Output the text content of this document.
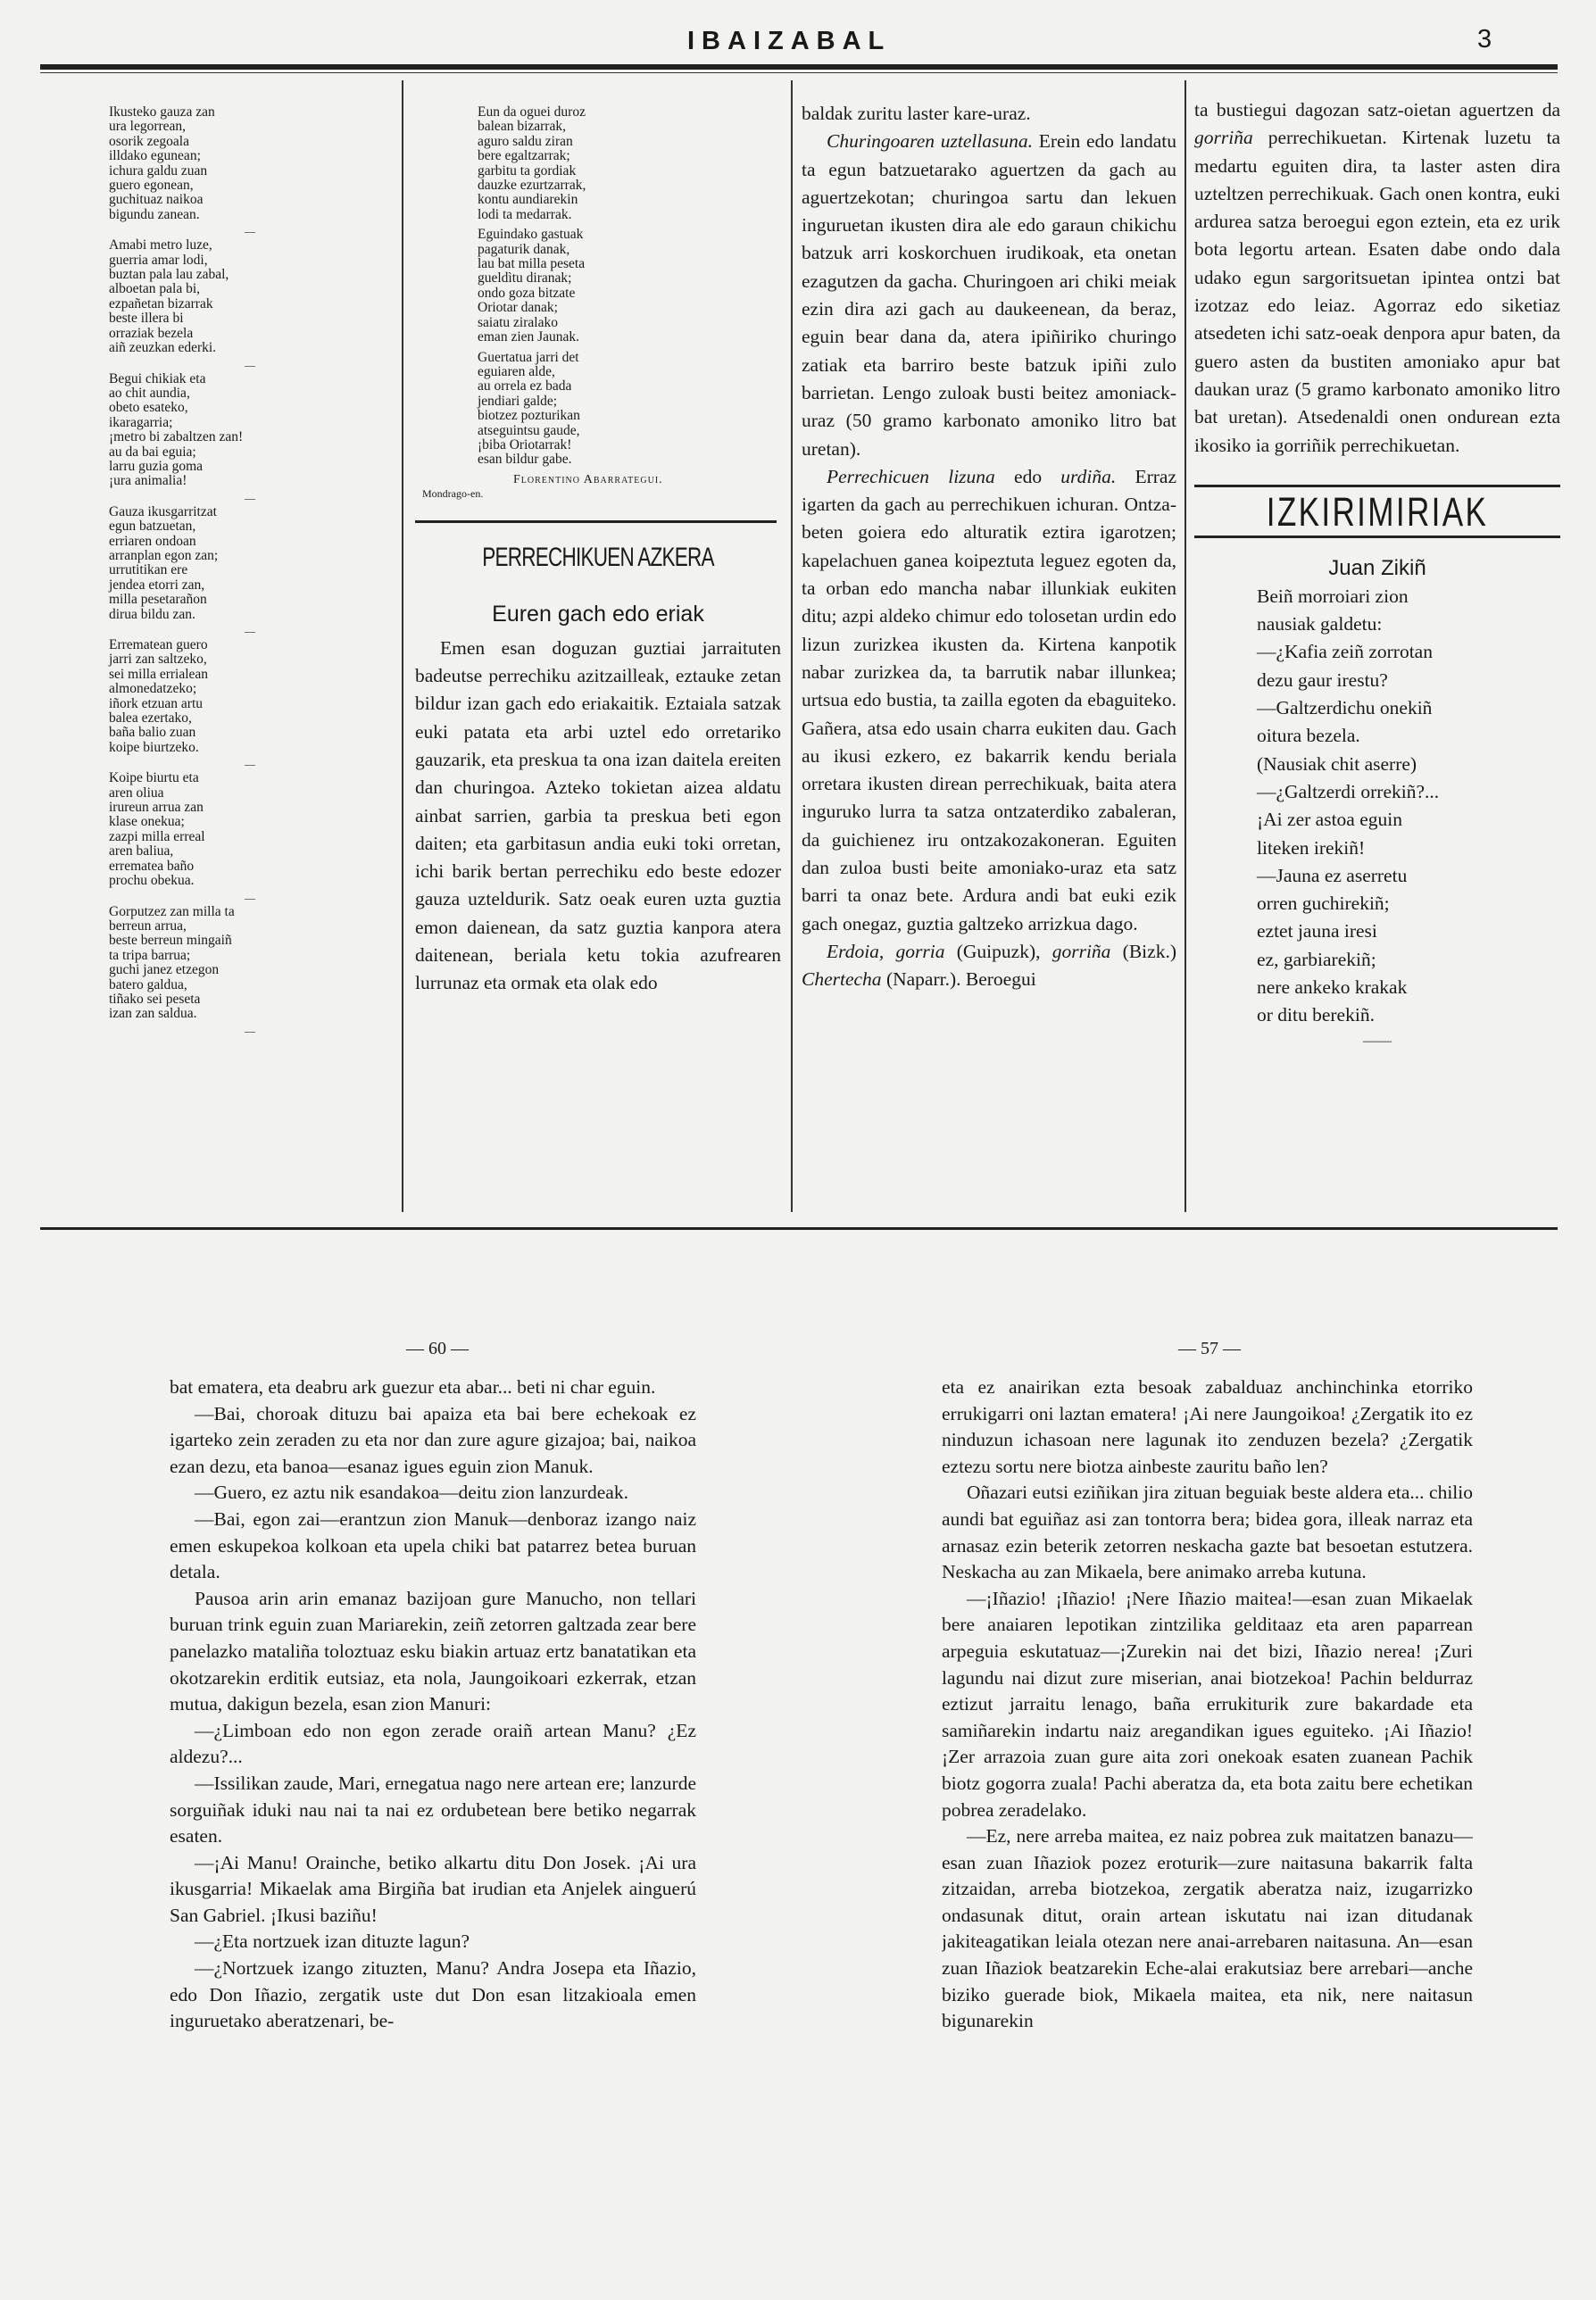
IBAIZABAL	3
Ikusteko gauza zan
ura legorrean,
osorik zegoala
illdako egunean;
ichura galdu zuan
guero egonean,
guchituaz naikoa
bigundu zanean.
—
Amabi metro luze,
guerria amar lodi,
buztan pala lau zabal,
alboetan pala bi,
ezpañetan bizarrak
beste illera bi
orraziak bezela
aiñ zeuzkan ederki.
—
Begui chikiak eta
ao chit aundia,
obeto esateko,
ikaragarria;
¡metro bi zabaltzen zan!
au da bai eguia;
larru guzia goma
¡ura animalia!
—
Gauza ikusgarritzat
egun batzuetan,
erriaren ondoan
arranplan egon zan;
urrutitikan ere
jendea etorri zan,
milla pesetarañon
dirua bildu zan.
—
Errematean guero
jarri zan saltzeko,
sei milla errialean
almonedatzeko;
iñork etzuan artu
balea ezertako,
baña balio zuan
koipe biurtzeko.
—
Koipe biurtu eta
aren oliua
irureun arrua zan
klase onekua;
zazpi milla erreal
aren baliua,
errematea baño
prochu obekua.
—
Gorputzez zan milla ta
berreun arrua,
beste berreun mingaiñ
ta tripa barrua;
guchi janez etzegon
batero galdua,
tiñako sei peseta
izan zan saldua.
—
Eun da oguei duroz
balean bizarrak,
aguro saldu ziran
bere egaltzarrak;
garbitu ta gordiak
dauzke ezurtzarrak,
kontu aundiarekin
lodi ta medarrak.
Eguindako gastuak
pagaturik danak,
lau bat milla peseta
gueldìtu diranak;
ondo goza bitzate
Oriotar danak;
saiatu ziralako
eman zien Jaunak.
Guertatua jarri det
eguiaren alde,
au orrela ez bada
jendiari galde;
biotzez pozturikan
atseguintsu gaude,
¡biba Oriotarrak!
esan bildur gabe.
Florentino Abarrategui.
Mondrago-en.
PERRECHIKUEN AZKERA
Euren gach edo eriak

Emen esan doguzan guztiai jarraituten badeutse perrechiku azitzailleak, eztauke zetan bildur izan gach edo eriakaitik. Eztaiala satzak euki patata eta arbi uztel edo orretariko gauzarik, eta preskua ta ona izan daitela ereiten dan churingoa. Azteko tokietan aizea aldatu ainbat sarrien, garbia ta preskua beti egon daiten; eta garbitasun andia euki toki orretan, ichi barik bertan perrechiku edo beste edozer gauza uzteldurik. Satz oeak euren uzta guztia emon daienean, da satz guztia kanpora atera daitenean, beriala ketu tokia azufrearen lurrunaz eta ormak eta olak edo

baldak zuritu laster kare-uraz.

Churingoaren uztellasuna. Erein edo landatu ta egun batzuetarako aguertzen da gach au aguertzekotan; churingoa sartu dan lekuen inguruetan ikusten dira ale edo garaun chikichu batzuk arri koskorchuen irudikoak, eta onetan ezagutzen da gacha. Churingoen ari chiki meiak ezin dira azi gach au daukeenean, da beraz, eguin bear dana da, atera ipiñiriko churingo zatiak eta barriro beste batzuk ipiñi zulo barrietan. Lengo zuloak busti beitez amoniack-uraz (50 gramo karbonato amoniko litro bat uretan).

Perrechicuen lizuna edo urdiña. Erraz igarten da gach au perrechikuen ichuran. Ontza-beten goiera edo alturatik eztira igarotzen; kapelachuen ganea koipeztuta leguez egoten da, ta orban edo mancha nabar illunkiak eukiten ditu; azpi aldeko chimur edo tolosetan urdin edo lizun zurizkea ikusten da. Kirtena kanpotik nabar zurizkea da, ta barrutik nabar illunkea; urtsua edo bustia, ta zailla egoten da ebaguiteko. Gañera, atsa edo usain charra eukiten dau. Gach au ikusi ezkero, ez bakarrik kendu beriala orretara ikusten direan perrechikuak, baita atera inguruko lurra ta satza ontzaterdiko zabaleran, da guichienez iru ontzakozakoneran. Eguiten dan zuloa busti beite amoniako-uraz eta satz barri ta onaz bete. Ardura andi bat euki ezik gach onegaz, guztia galtzeko arrizkua dago.

Erdoia, gorria (Guipuzk), gorriña (Bizk.) Chertecha (Naparr.). Beroegui

ta bustiegui dagozan satz-oietan aguertzen da gorriña perrechikuetan. Kirtenak luzetu ta medartu eguiten dira, ta laster asten dira uzteltzen perrechikuak. Gach onen kontra, euki ardurea satza beroegui egon eztein, eta ez urik bota legortu artean. Esaten dabe ondo dala udako egun sargoritsuetan ipintea ontzi bat izotzaz edo leiaz. Agorraz edo siketiaz atsedeten ichi satz-oeak denpora apur baten, da guero asten da bustiten amoniako apur bat daukan uraz (5 gramo karbonato amoniko litro bat uretan). Atsedenaldi onen ondurean ezta ikosiko ia gorriñik perrechikuetan.

IZKIRIMIRIAK
Juan Zikiñ
Beiñ morroiari zion
nausiak galdetu:
—¿Kafia zeiñ zorrotan
dezu gaur irestu?
—Galtzerdichu onekiñ
oitura bezela.
(Nausiak chit aserre)
—¿Galtzerdi orrekiñ?...
¡Ai zer astoa eguin
liteken irekiñ!
—Jauna ez aserretu
orren guchirekiñ;
eztet jauna iresi
ez, garbiarekiñ;
nere ankeko krakak
or ditu berekiñ.
——
— 60 —

bat ematera, eta deabru ark guezur eta abar... beti ni char eguin.

—Bai, choroak dituzu bai apaiza eta bai bere echekoak ez igarteko zein zeraden zu eta nor dan zure agure gizajoa; bai, naikoa ezan dezu, eta banoa—esanaz igues eguin zion Manuk.

—Guero, ez aztu nik esandakoa—deitu zion lanzurdeak.

—Bai, egon zai—erantzun zion Manuk—denboraz izango naiz emen eskupekoa kolkoan eta upela chiki bat patarrez betea buruan detala.

Pausoa arin arin emanaz bazijoan gure Manucho, non tellari buruan trink eguin zuan Mariarekin, zeiñ zetorren galtzada zear bere panelazko mataliña toloztuaz esku biakin artuaz ertz banatatikan eta okotzarekin erditik eutsiaz, eta nola, Jaungoikoari ezkerrak, etzan mutua, dakigun bezela, esan zion Manuri:

—¿Limboan edo non egon zerade oraiñ artean Manu? ¿Ez aldezu?...

—Issilikan zaude, Mari, ernegatua nago nere artean ere; lanzurde sorguiñak iduki nau nai ta nai ez ordubetean bere betiko negarrak esaten.

—¡Ai Manu! Orainche, betiko alkartu ditu Don Josek. ¡Ai ura ikusgarria! Mikaelak ama Birgiña bat irudian eta Anjelek ainguerú San Gabriel. ¡Ikusi baziñu!

—¿Eta nortzuek izan dituzte lagun?

—¿Nortzuek izango zituzten, Manu? Andra Josepa eta Iñazio, edo Don Iñazio, zergatik uste dut Don esan litzakioala emen inguruetako aberatzenari, be-

— 57 —

eta ez anairikan ezta besoak zabalduaz anchinchinka etorriko errukigarri oni laztan ematera! ¡Ai nere Jaungoikoa! ¿Zergatik ito ez ninduzun ichasoan nere lagunak ito zenduzen bezela? ¿Zergatik eztezu sortu nere biotza ainbeste zauritu baño len?

Oñazari eutsi eziñikan jira zituan beguiak beste aldera eta... chilio aundi bat eguiñaz asi zan tontorra bera; bidea gora, illeak narraz eta arnasaz ezin beterik zetorren neskacha gazte bat besoetan estutzera. Neskacha au zan Mikaela, bere animako arreba kutuna.

—¡Iñazio! ¡Iñazio! ¡Nere Iñazio maitea!—esan zuan Mikaelak bere anaiaren lepotikan zintzilika gelditaaz eta aren paparrean arpeguia eskutatuaz—¡Zurekin nai det bizi, Iñazio nerea! ¡Zuri lagundu nai dizut zure miserian, anai biotzekoa! Pachin beldurraz eztizut jarraitu lenago, baña errukiturik zure bakardade eta samiñarekin indartu naiz aregandikan igues eguiteko. ¡Ai Iñazio! ¡Zer arrazoia zuan gure aita zori onekoak esaten zuanean Pachik biotz gogorra zuala! Pachi aberatza da, eta bota zaitu bere echetikan pobrea zeradelako.

—Ez, nere arreba maitea, ez naiz pobrea zuk maitatzen banazu—esan zuan Iñaziok pozez eroturik—zure naitasuna bakarrik falta zitzaidan, arreba biotzekoa, zergatik aberatza naiz, izugarrizko ondasunak ditut, orain artean iskutatu nai izan ditudanak jakiteagatikan leiala otezan nere anai-arrebaren naitasuna. An—esan zuan Iñaziok beatzarekin Eche-alai erakutsiaz bere arrebari—anche biziko guerade biok, Mikaela maitea, eta nik, nere naitasun bigunarekin
